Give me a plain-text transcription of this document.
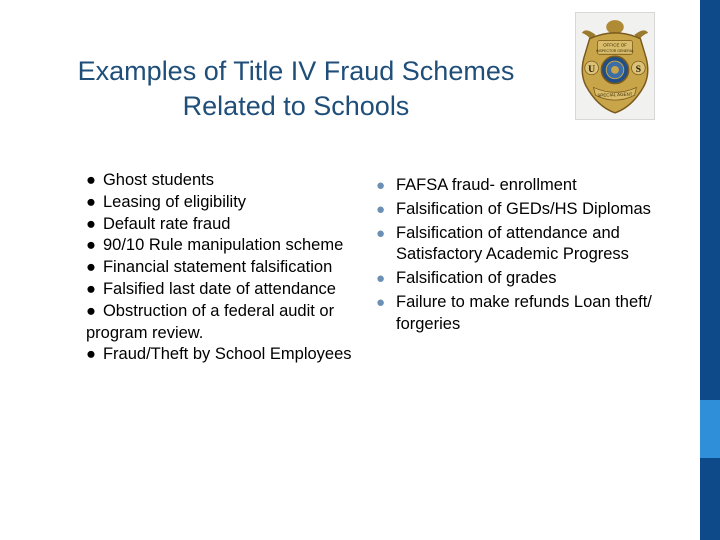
Examples of Title IV Fraud Schemes
Related to Schools
OFFICE OF
INSPECTOR GENERAL
U	S
SPECIAL AGENT
● Ghost students
● Leasing of eligibility
● Default rate fraud
● 90/10 Rule manipulation scheme
● Financial statement falsification
● Falsified last date of attendance
● Obstruction of a federal audit or program review.
● Fraud/Theft by School Employees
● FAFSA fraud- enrollment
● Falsification of GEDs/HS Diplomas
● Falsification of attendance and Satisfactory Academic Progress
● Falsification of grades
● Failure to make refunds Loan theft/ forgeries
